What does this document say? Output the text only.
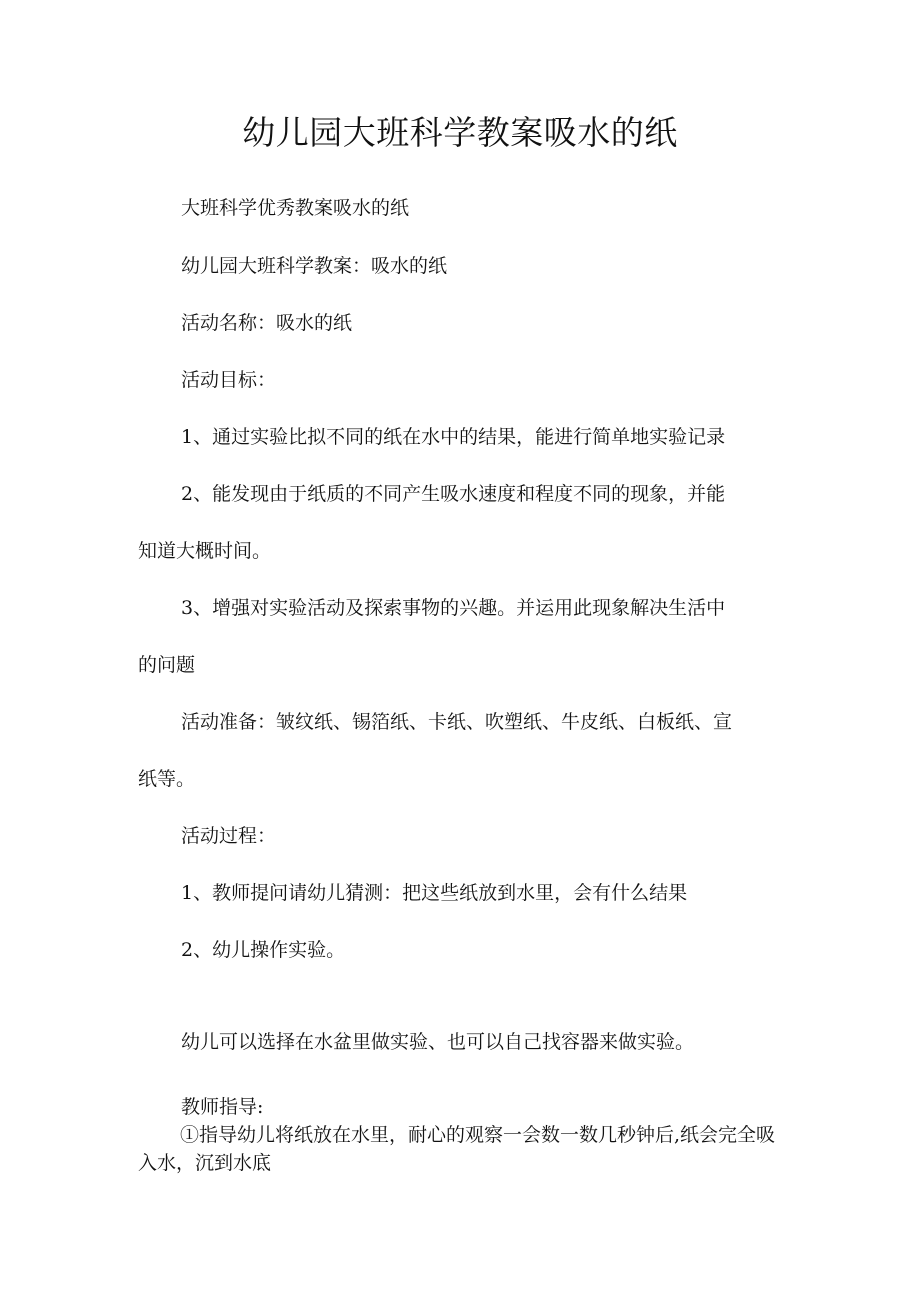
幼儿园大班科学教案吸水的纸
大班科学优秀教案吸水的纸
幼儿园大班科学教案：吸水的纸
活动名称：吸水的纸
活动目标：
1、通过实验比拟不同的纸在水中的结果，能进行简单地实验记录
2、能发现由于纸质的不同产生吸水速度和程度不同的现象，并能
知道大概时间。
3、增强对实验活动及探索事物的兴趣。并运用此现象解决生活中
的问题
活动准备：皱纹纸、锡箔纸、卡纸、吹塑纸、牛皮纸、白板纸、宣
纸等。
活动过程：
1、教师提问请幼儿猜测：把这些纸放到水里，会有什么结果
2、幼儿操作实验。
幼儿可以选择在水盆里做实验、也可以自己找容器来做实验。
教师指导:
①指导幼儿将纸放在水里，耐心的观察一会数一数几秒钟后,纸会完全吸入水，沉到水底
